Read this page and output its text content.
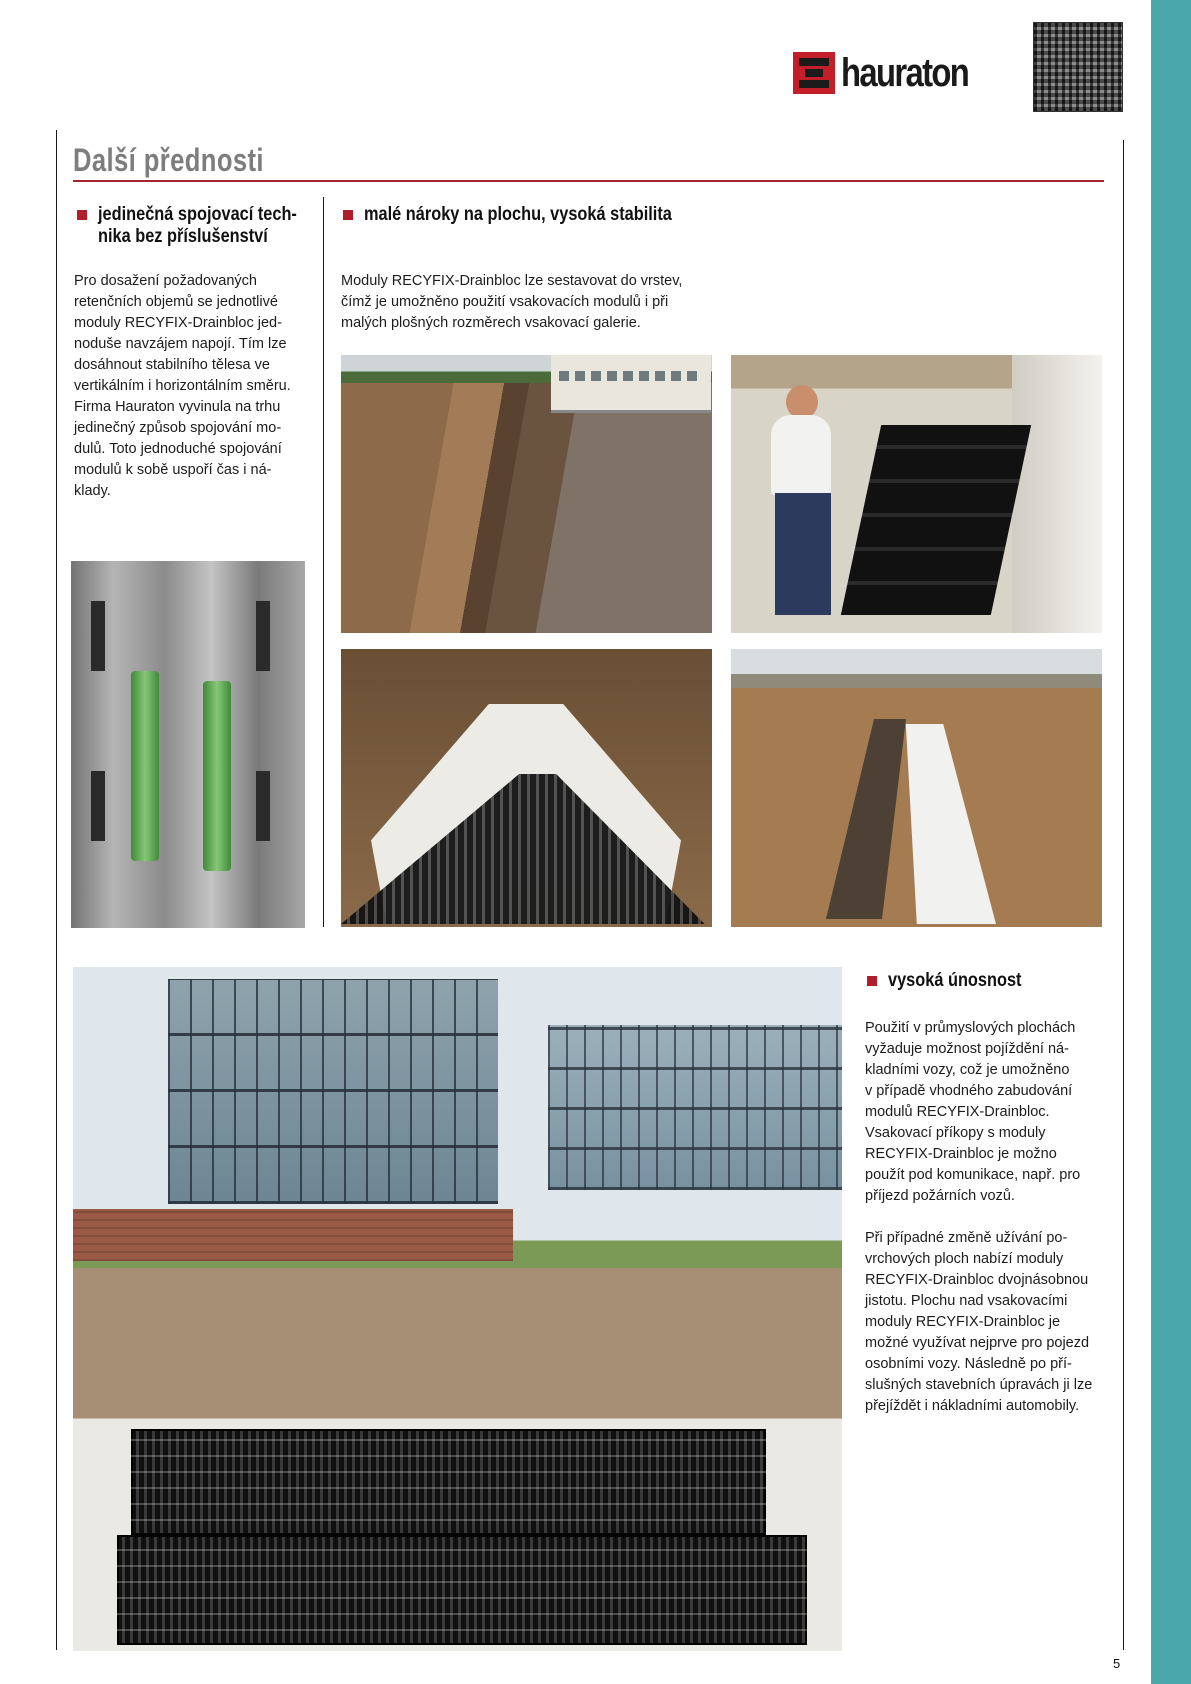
hauraton
Další přednosti
jedinečná spojovací tech-
nika bez příslušenství
Pro dosažení požadovaných
retenčních objemů se jednotlivé
moduly RECYFIX-Drainbloc jed-
noduše navzájem napojí. Tím lze
dosáhnout stabilního tělesa ve
vertikálním i horizontálním směru.
Firma Hauraton vyvinula na trhu
jedinečný způsob spojování mo-
dulů. Toto jednoduché spojování
modulů k sobě uspoří čas i ná-
klady.
malé nároky na plochu, vysoká stabilita
Moduly RECYFIX-Drainbloc lze sestavovat do vrstev,
čímž je umožněno použití vsakovacích modulů i při
malých plošných rozměrech vsakovací galerie.
vysoká únosnost
Použití v průmyslových plochách
vyžaduje možnost pojíždění ná-
kladními vozy, což je umožněno
v případě vhodného zabudování
modulů RECYFIX-Drainbloc.
Vsakovací příkopy s moduly
RECYFIX-Drainbloc je možno
použít pod komunikace, např. pro
příjezd požárních vozů.
Při případné změně užívání po-
vrchových ploch nabízí moduly
RECYFIX-Drainbloc dvojnásobnou
jistotu. Plochu nad vsakovacími
moduly RECYFIX-Drainbloc je
možné využívat nejprve pro pojezd
osobními vozy. Následně po pří-
slušných stavebních úpravách ji lze
přejíždět i nákladními automobily.
5
